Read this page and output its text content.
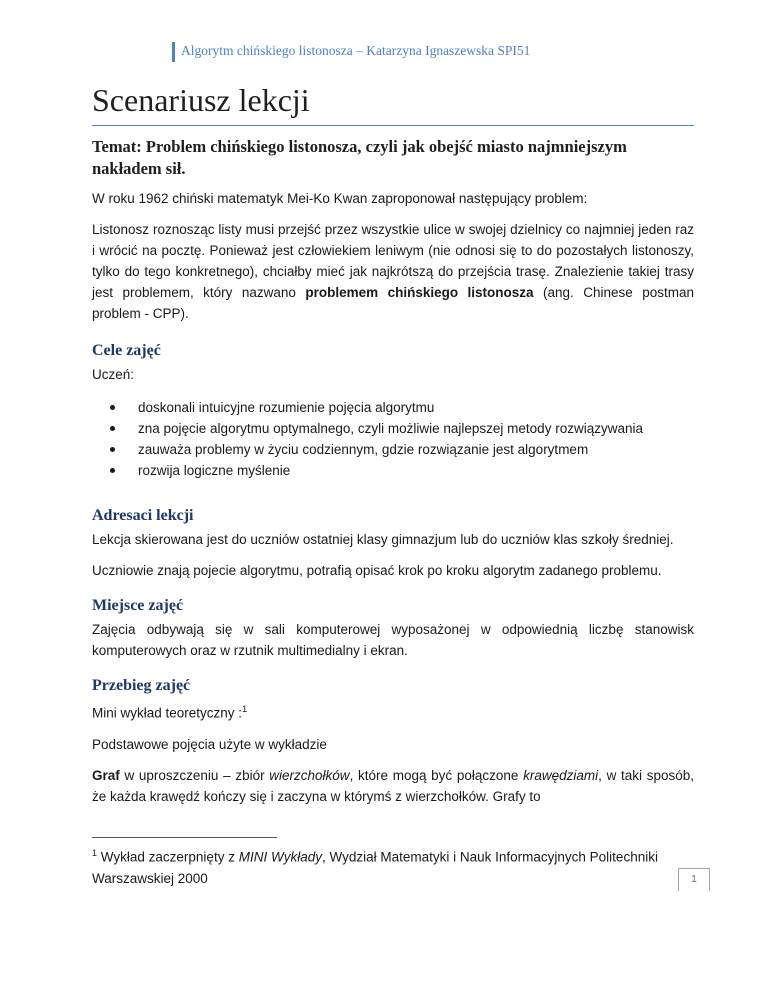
Algorytm chińskiego listonosza – Katarzyna Ignaszewska SPI51
Scenariusz lekcji
Temat: Problem chińskiego listonosza, czyli jak obejść miasto najmniejszym nakładem sił.

W roku 1962 chiński matematyk Mei-Ko Kwan zaproponował następujący problem:

Listonosz roznosząc listy musi przejść przez wszystkie ulice w swojej dzielnicy co najmniej jeden raz i wrócić na pocztę. Ponieważ jest człowiekiem leniwym (nie odnosi się to do pozostałych listonoszy, tylko do tego konkretnego), chciałby mieć jak najkrótszą do przejścia trasę. Znalezienie takiej trasy jest problemem, który nazwano problemem chińskiego listonosza (ang. Chinese postman problem - CPP).

Cele zajęć
Uczeń:
doskonali intuicyjne rozumienie pojęcia algorytmu
zna pojęcie algorytmu optymalnego, czyli możliwie najlepszej metody rozwiązywania
zauważa problemy w życiu codziennym, gdzie rozwiązanie jest algorytmem
rozwija logiczne myślenie
Adresaci lekcji

Lekcja skierowana jest do uczniów ostatniej klasy gimnazjum lub do uczniów klas szkoły średniej.

Uczniowie znają pojecie algorytmu, potrafią opisać krok po kroku algorytm zadanego problemu.

Miejsce zajęć

Zajęcia odbywają się w sali komputerowej wyposażonej w odpowiednią liczbę stanowisk komputerowych oraz w rzutnik multimedialny i ekran.

Przebieg zajęć

Mini wykład teoretyczny :$^1$

Podstawowe pojęcia użyte w wykładzie

Graf w uproszczeniu – zbiór wierzchołków, które mogą być połączone krawędziami, w taki sposób, że każda krawędź kończy się i zaczyna w którymś z wierzchołków. Grafy to

$^1$ Wykład zaczerpnięty z MINI Wykłady, Wydział Matematyki i Nauk Informacyjnych Politechniki Warszawskiej 2000	1
